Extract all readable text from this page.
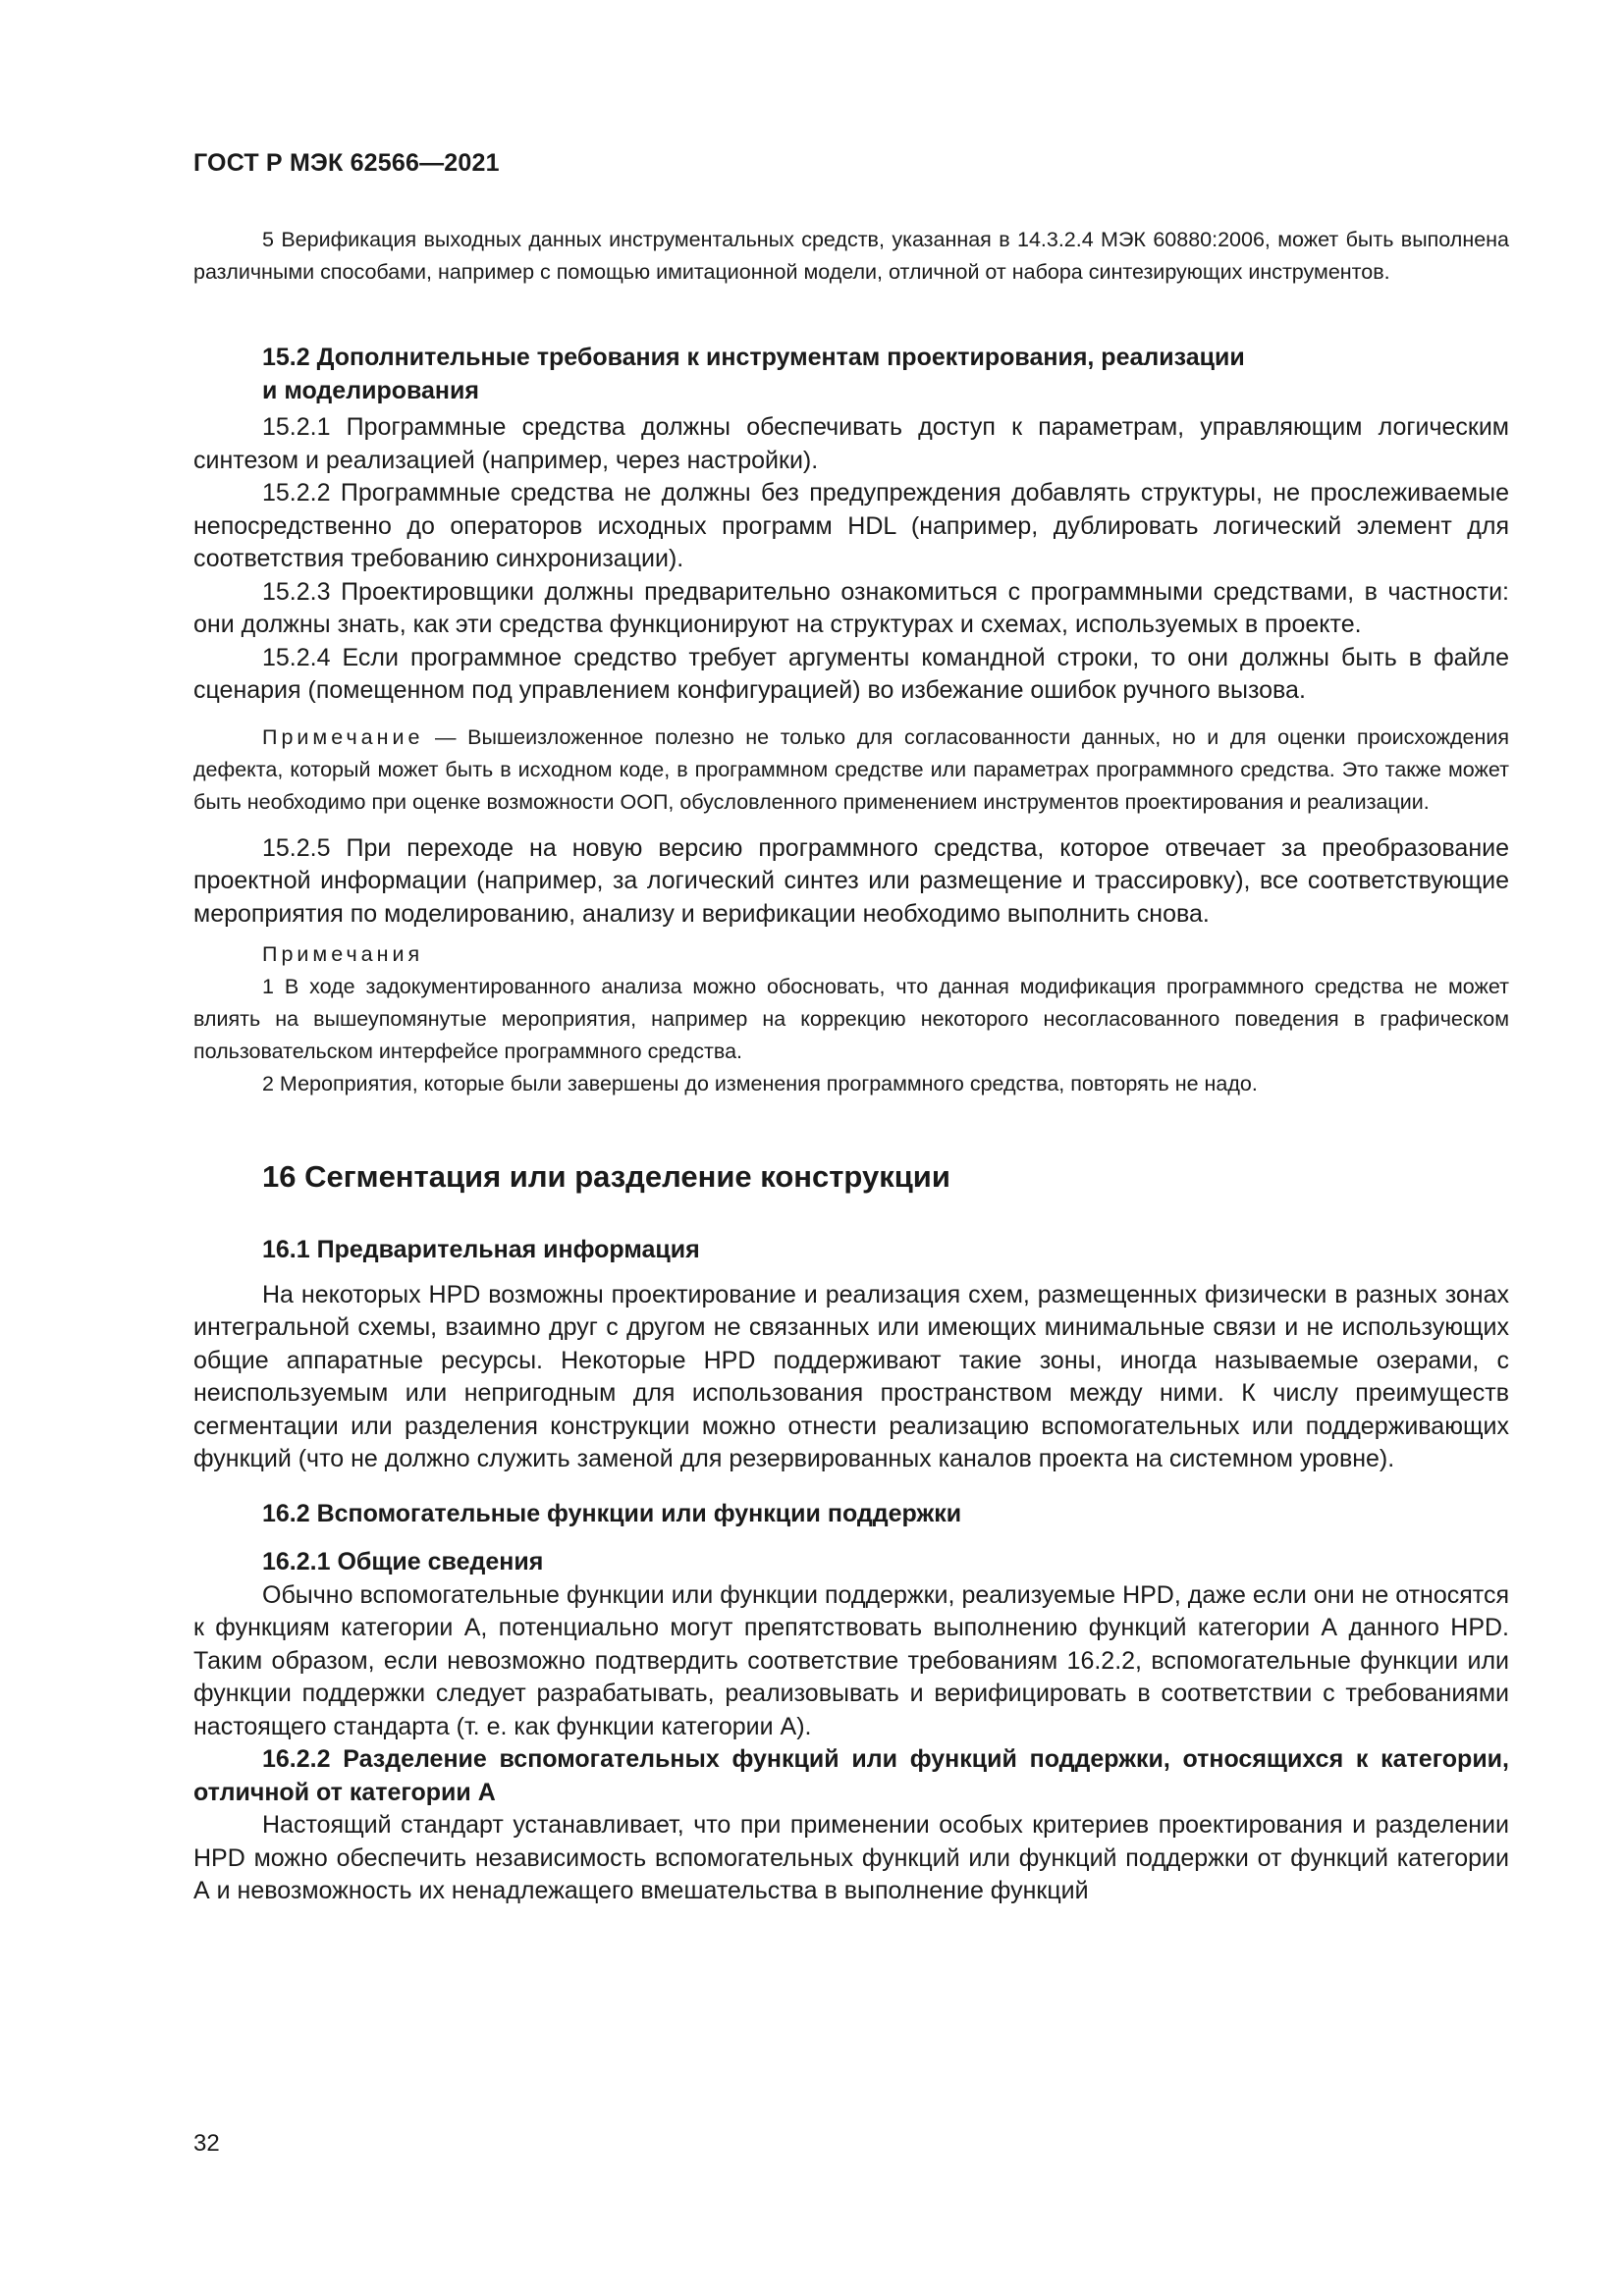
ГОСТ Р МЭК 62566—2021

5 Верификация выходных данных инструментальных средств, указанная в 14.3.2.4 МЭК 60880:2006, может быть выполнена различными способами, например с помощью имитационной модели, отличной от набора синтезирующих инструментов.

15.2 Дополнительные требования к инструментам проектирования, реализации

и моделирования

15.2.1 Программные средства должны обеспечивать доступ к параметрам, управляющим логическим синтезом и реализацией (например, через настройки).

15.2.2 Программные средства не должны без предупреждения добавлять структуры, не прослеживаемые непосредственно до операторов исходных программ HDL (например, дублировать логический элемент для соответствия требованию синхронизации).

15.2.3 Проектировщики должны предварительно ознакомиться с программными средствами, в частности: они должны знать, как эти средства функционируют на структурах и схемах, используемых в проекте.

15.2.4 Если программное средство требует аргументы командной строки, то они должны быть в файле сценария (помещенном под управлением конфигурацией) во избежание ошибок ручного вызова.

Примечание — Вышеизложенное полезно не только для согласованности данных, но и для оценки происхождения дефекта, который может быть в исходном коде, в программном средстве или параметрах программного средства. Это также может быть необходимо при оценке возможности ООП, обусловленного применением инструментов проектирования и реализации.

15.2.5 При переходе на новую версию программного средства, которое отвечает за преобразование проектной информации (например, за логический синтез или размещение и трассировку), все соответствующие мероприятия по моделированию, анализу и верификации необходимо выполнить снова.

Примечания

1 В ходе задокументированного анализа можно обосновать, что данная модификация программного средства не может влиять на вышеупомянутые мероприятия, например на коррекцию некоторого несогласованного поведения в графическом пользовательском интерфейсе программного средства.

2 Мероприятия, которые были завершены до изменения программного средства, повторять не надо.

16 Сегментация или разделение конструкции

16.1 Предварительная информация

На некоторых HPD возможны проектирование и реализация схем, размещенных физически в разных зонах интегральной схемы, взаимно друг с другом не связанных или имеющих минимальные связи и не использующих общие аппаратные ресурсы. Некоторые HPD поддерживают такие зоны, иногда называемые озерами, с неиспользуемым или непригодным для использования пространством между ними. К числу преимуществ сегментации или разделения конструкции можно отнести реализацию вспомогательных или поддерживающих функций (что не должно служить заменой для резервированных каналов проекта на системном уровне).

16.2 Вспомогательные функции или функции поддержки

16.2.1 Общие сведения

Обычно вспомогательные функции или функции поддержки, реализуемые HPD, даже если они не относятся к функциям категории А, потенциально могут препятствовать выполнению функций категории А данного HPD. Таким образом, если невозможно подтвердить соответствие требованиям 16.2.2, вспомогательные функции или функции поддержки следует разрабатывать, реализовывать и верифицировать в соответствии с требованиями настоящего стандарта (т. е. как функции категории А).

16.2.2 Разделение вспомогательных функций или функций поддержки, относящихся к категории, отличной от категории А

Настоящий стандарт устанавливает, что при применении особых критериев проектирования и разделении HPD можно обеспечить независимость вспомогательных функций или функций поддержки от функций категории А и невозможность их ненадлежащего вмешательства в выполнение функций

32
